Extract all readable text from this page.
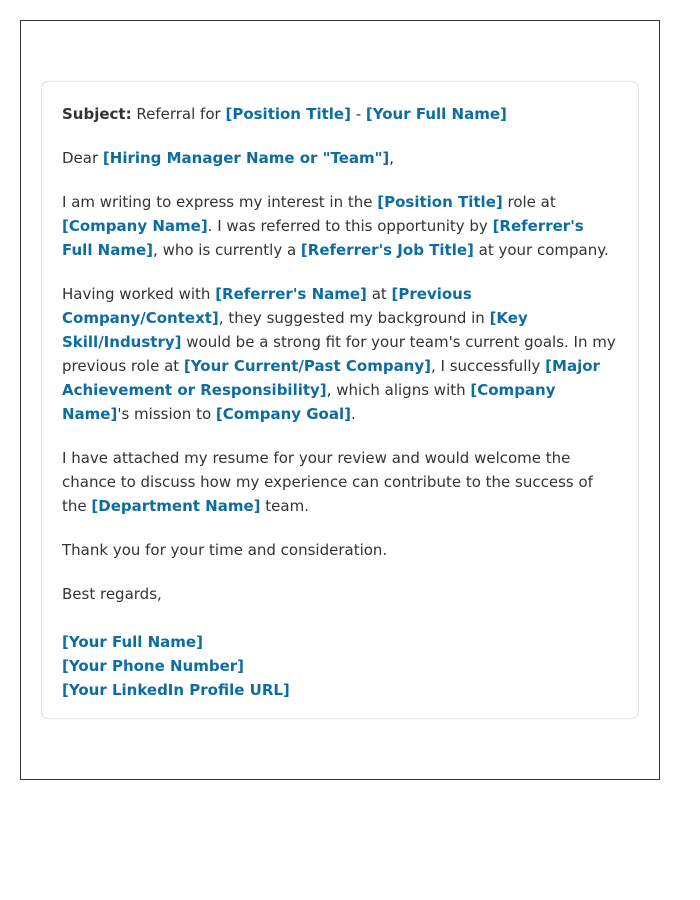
Subject: Referral for [Position Title] - [Your Full Name]

Dear [Hiring Manager Name or "Team"],

I am writing to express my interest in the [Position Title] role at [Company Name]. I was referred to this opportunity by [Referrer's Full Name], who is currently a [Referrer's Job Title] at your company.

Having worked with [Referrer's Name] at [Previous Company/Context], they suggested my background in [Key Skill/Industry] would be a strong fit for your team's current goals. In my previous role at [Your Current/Past Company], I successfully [Major Achievement or Responsibility], which aligns with [Company Name]'s mission to [Company Goal].

I have attached my resume for your review and would welcome the chance to discuss how my experience can contribute to the success of the [Department Name] team.

Thank you for your time and consideration.

Best regards,

[Your Full Name]
[Your Phone Number]
[Your LinkedIn Profile URL]
